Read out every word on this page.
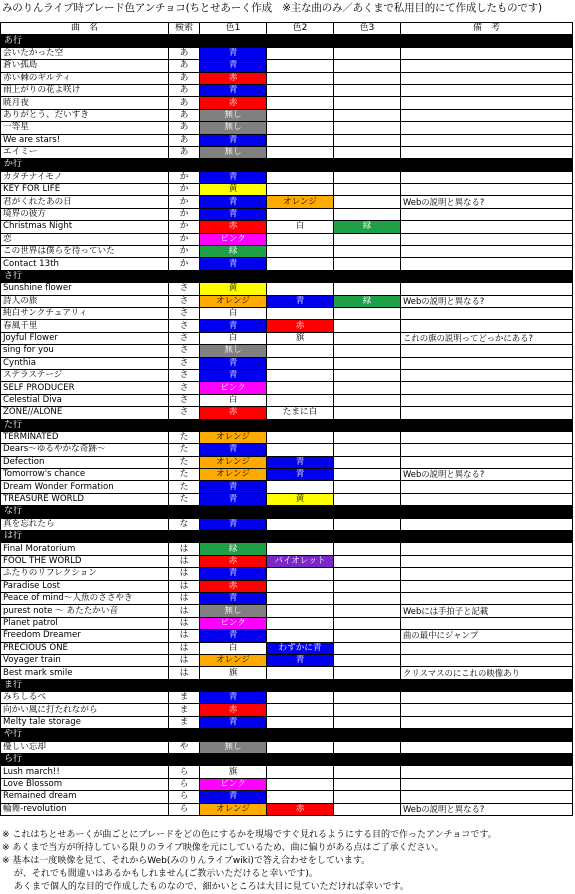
みのりんライブ時ブレード色アンチョコ(ちとせあーく作成　※主な曲のみ／あくまで私用目的にて作成したものです)
曲　名	検索	色1	色2	色3	備　考
あ行					
会いたかった空	あ	青			
蒼い孤島	あ	青			
赤い棘のギルティ	あ	赤			
雨上がりの花よ咲け	あ	青			
暁月夜	あ	赤			
ありがとう、だいすき	あ	無し			
一等星	あ	無し			
We are stars!	あ	青			
エイミー	あ	無し			
か行					
カタチナイモノ	か	青			
KEY FOR LIFE	か	黄			
君がくれたあの日	か	青	オレンジ		Webの説明と異なる?
境界の彼方	か	青			
Christmas Night	か	赤	白	緑	
恋	か	ピンク			
この世界は僕らを待っていた	か	緑			
Contact 13th	か	青			
さ行					
Sunshine flower	さ	黄			
詩人の旅	さ	オレンジ	青	緑	Webの説明と異なる?
純白サンクチュアリィ	さ	白			
春風千里	さ	青	赤		
Joyful Flower	さ	白	旗		これの旗の説明ってどっかにある?
sing for you	さ	無し			
Cynthia	さ	青			
ステラステージ	さ	青			
SELF PRODUCER	さ	ピンク			
Celestial Diva	さ	白			
ZONE//ALONE	さ	赤	たまに白		
た行					
TERMINATED	た	オレンジ			
Dears～ゆるやかな奇跡～	た	青			
Defection	た	オレンジ	青		
Tomorrow's chance	た	オレンジ	青		Webの説明と異なる?
Dream Wonder Formation	た	青			
TREASURE WORLD	た	青	黄		
な行					
真を忘れたら	な	青			
は行					
Final Moratorium	は	緑			
FOOL THE WORLD	は	赤	バイオレット		
ふたりのリフレクション	は	青			
Paradise Lost	は	赤			
Peace of mind～人魚のささやき	は	青			
purest note ～ あたたかい音	は	無し			Webには手拍子と記載
Planet patrol	は	ピンク			
Freedom Dreamer	は	青			曲の最中にジャンプ
PRECIOUS ONE	は	白	わずかに青		
Voyager train	は	オレンジ	青		
Best mark smile	は	旗			クリスマスのにこれの映像あり
ま行					
みちしるべ	ま	青			
向かい風に打たれながら	ま	赤			
Melty tale storage	ま	青			
や行					
優しい忘却	や	無し			
ら行					
Lush march!!	ら	旗			
Love Blossom	ら	ピンク			
Remained dream	ら	青			
輪舞-revolution	ら	オレンジ	赤		Webの説明と異なる?
※ これはちとせあーくが曲ごとにブレードをどの色にするかを現場ですぐ見れるようにする目的で作ったアンチョコです。
※ あくまで当方が所持している限りのライブ映像を元にしているため、曲に偏りがある点はご了承ください。
※ 基本は一度映像を見て、それからWeb(みのりんライブwiki)で答え合わせをしています。
　 が、それでも間違いはあるかもしれません(ご教示いただけると幸いです)。
　 あくまで個人的な目的で作成したものなので、細かいところは大目に見ていただければ幸いです。
